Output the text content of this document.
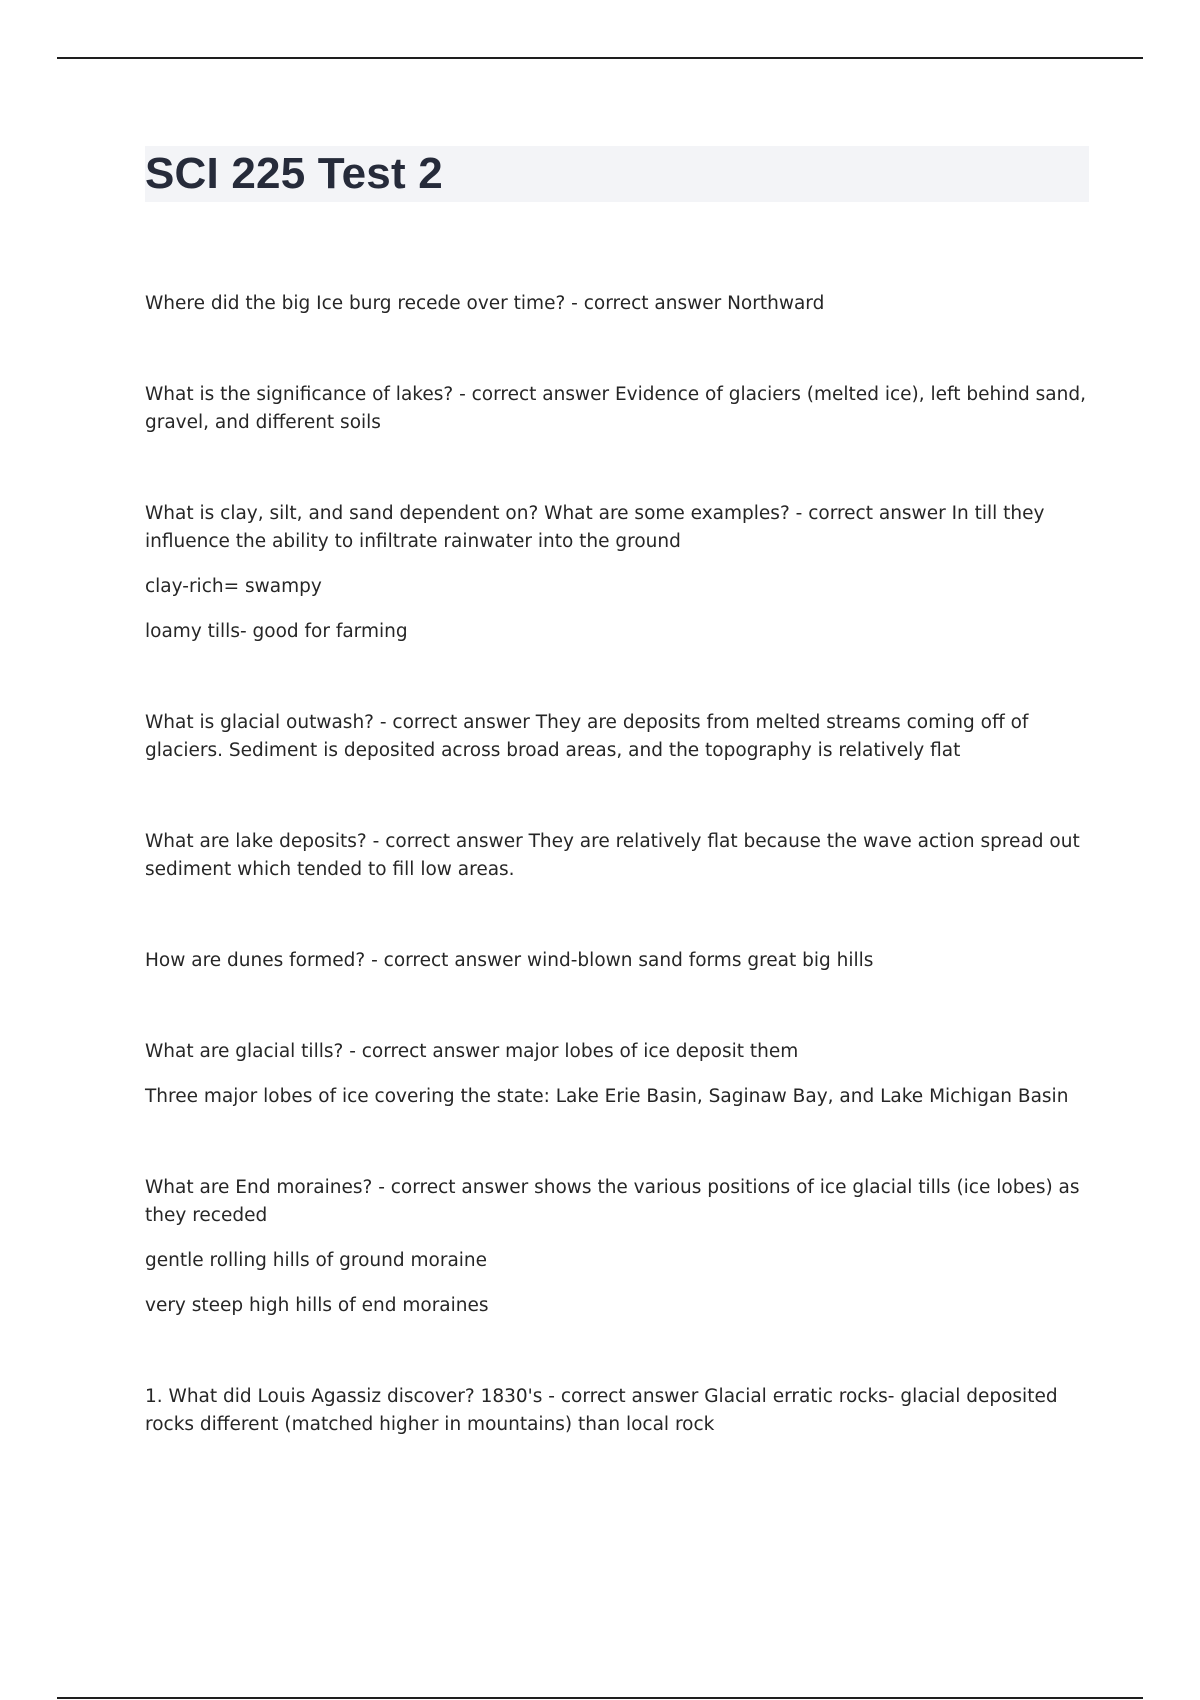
SCI 225 Test 2

Where did the big Ice burg recede over time? - correct answer Northward

What is the significance of lakes? - correct answer Evidence of glaciers (melted ice), left behind sand, gravel, and different soils

What is clay, silt, and sand dependent on? What are some examples? - correct answer In till they influence the ability to infiltrate rainwater into the ground

clay-rich= swampy

loamy tills- good for farming

What is glacial outwash? - correct answer They are deposits from melted streams coming off of glaciers. Sediment is deposited across broad areas, and the topography is relatively flat

What are lake deposits? - correct answer They are relatively flat because the wave action spread out sediment which tended to fill low areas.

How are dunes formed? - correct answer wind-blown sand forms great big hills

What are glacial tills? - correct answer major lobes of ice deposit them

Three major lobes of ice covering the state: Lake Erie Basin, Saginaw Bay, and Lake Michigan Basin

What are End moraines? - correct answer shows the various positions of ice glacial tills (ice lobes) as they receded

gentle rolling hills of ground moraine

very steep high hills of end moraines

1. What did Louis Agassiz discover? 1830's - correct answer Glacial erratic rocks- glacial deposited rocks different (matched higher in mountains) than local rock
